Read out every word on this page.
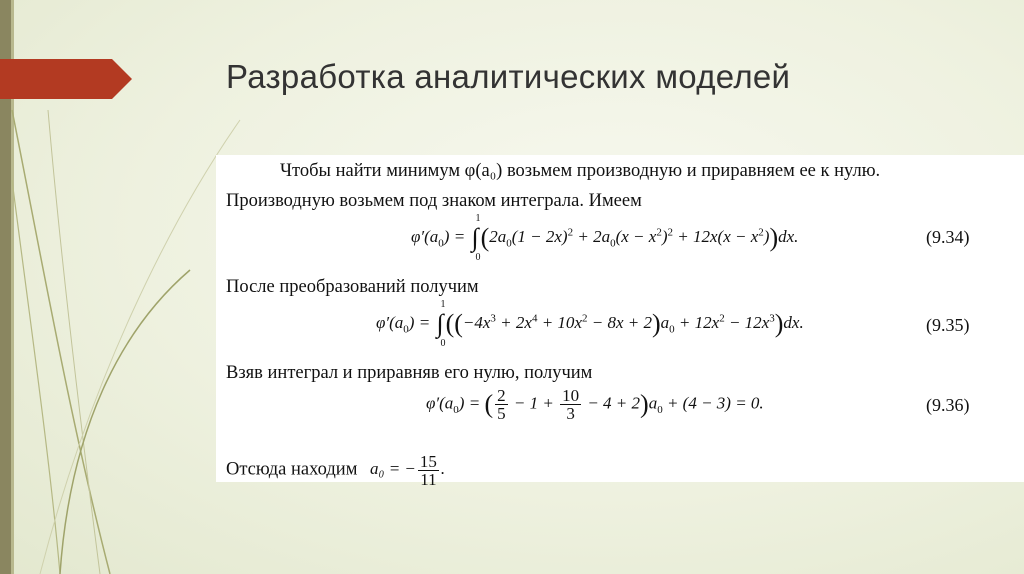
Разработка аналитических моделей
Чтобы найти минимум φ(a₀) возьмем производную и приравняем ее к нулю.
Производную возьмем под знаком интеграла. Имеем
$\varphi'(a_0)$ = ∫
1
0
$(2a_0(1 - 2x)^2 + 2a_0(x - x^2)^2 + 12x(x - x^2))dx$.	(9.34)
После преобразований получим
$\varphi'(a_0)$ = ∫
1
0
$((-4x^3 + 2x^4 + 10x^2 - 8x + 2)a_0 + 12x^2 - 12x^3)dx$.	(9.35)
Взяв интеграл и приравняв его нулю, получим
$\varphi'(a_0)$ = ( $\frac{2}{5} - 1 + \frac{10}{3} - 4 + 2)a_0 + (4 - 3) = 0$.	(9.36)
Отсюда находим a₀ = − $\frac{15}{11}$ .
